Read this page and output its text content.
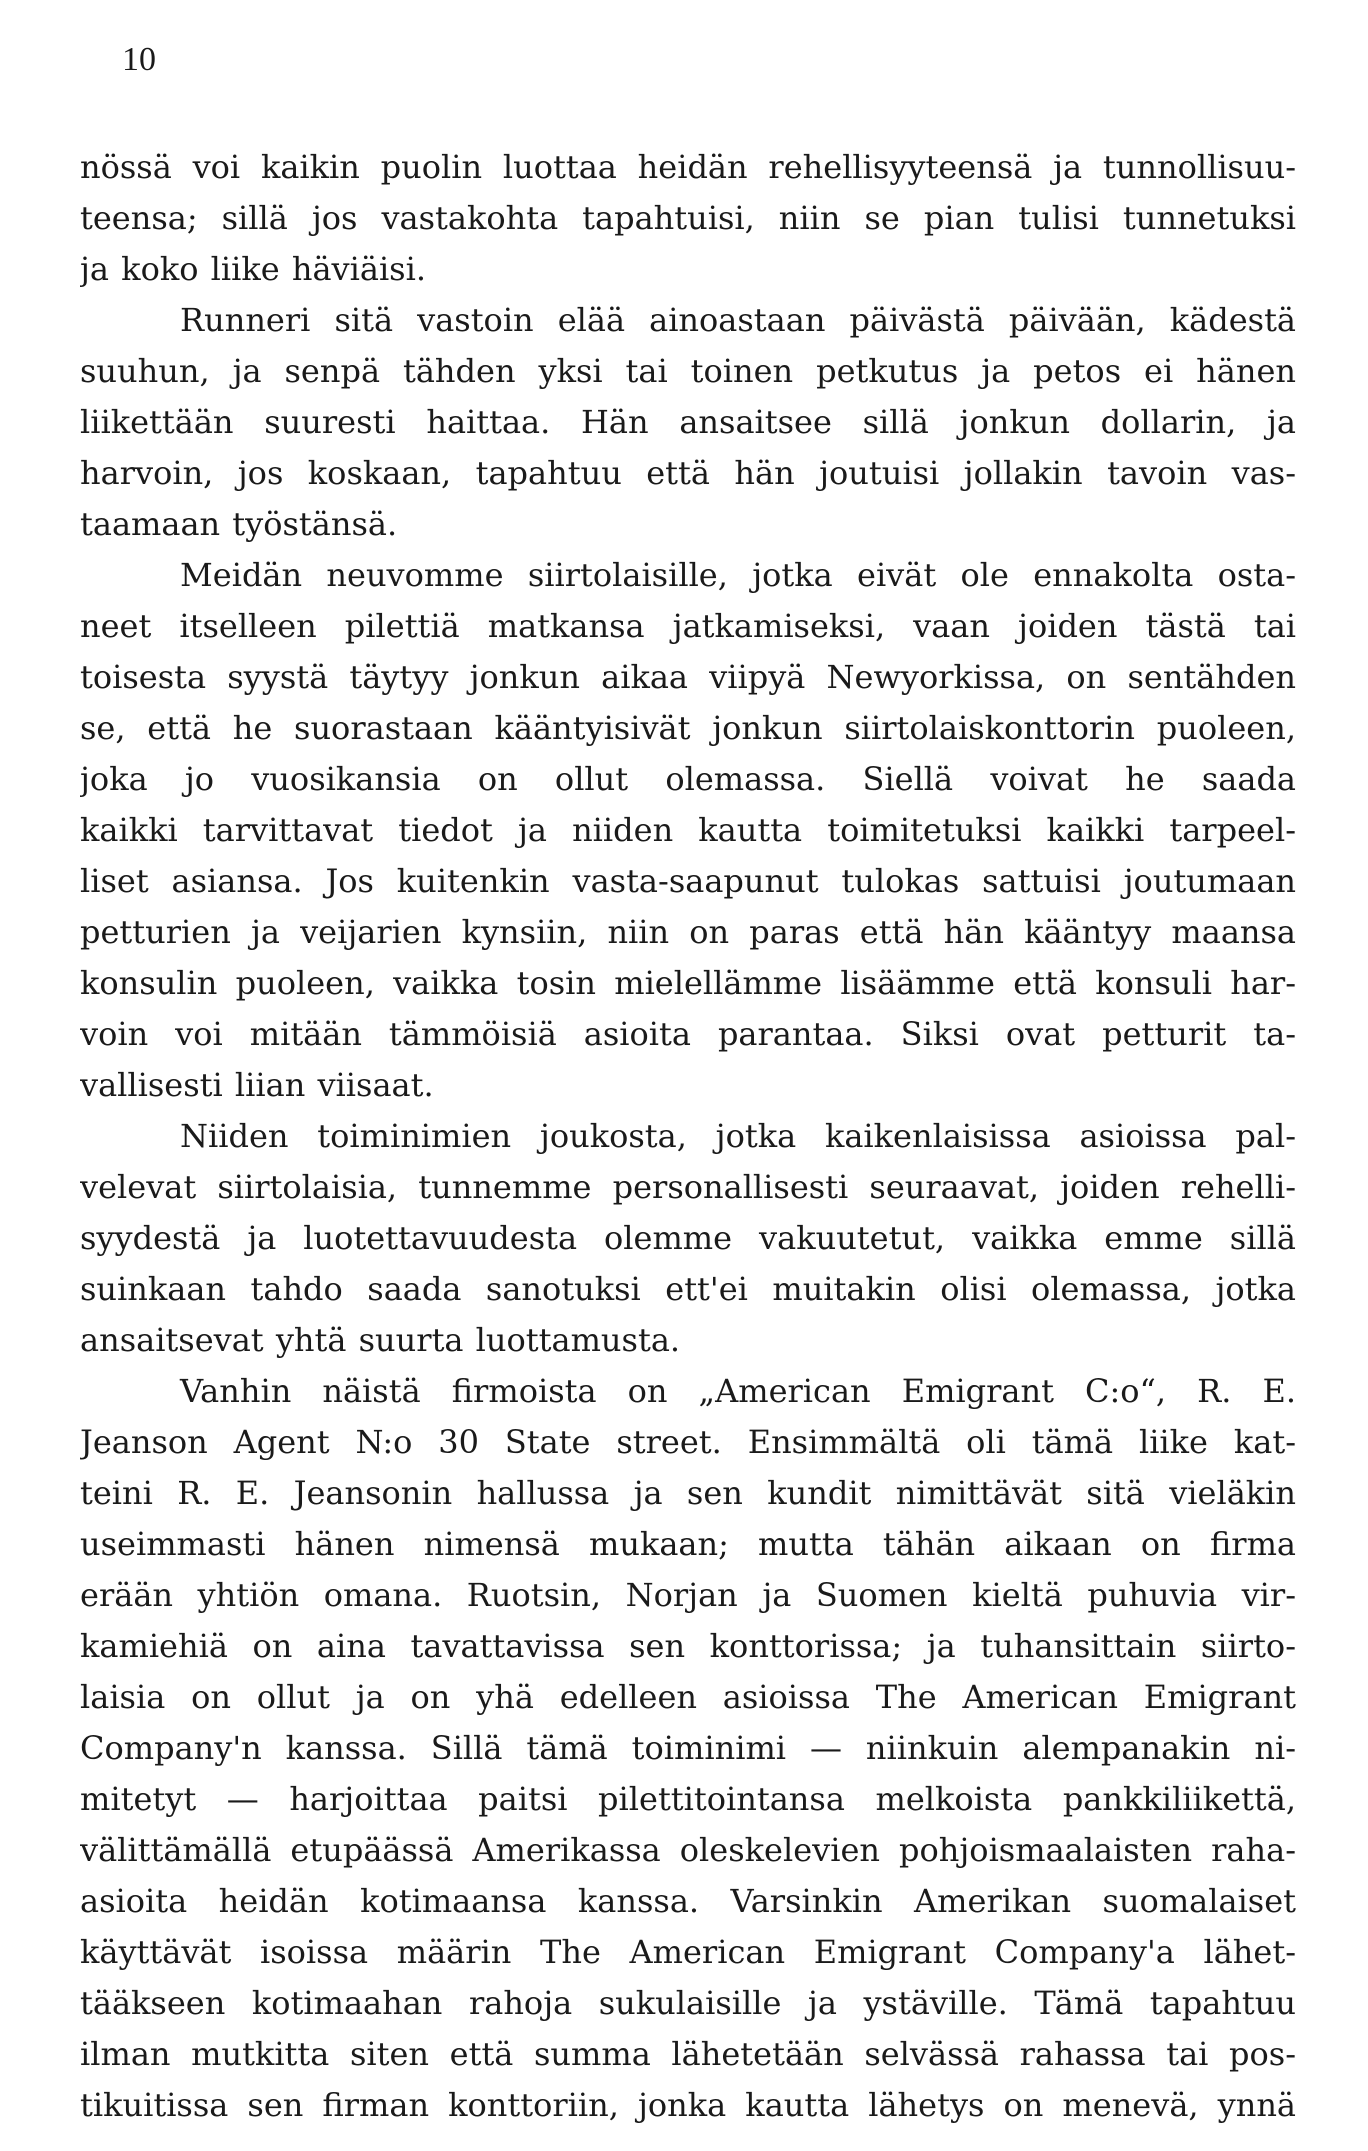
10
nössä voi kaikin puolin luottaa heidän rehellisyyteensä ja tunnollisuu-
teensa; sillä jos vastakohta tapahtuisi, niin se pian tulisi tunnetuksi
ja koko liike häviäisi.
Runneri sitä vastoin elää ainoastaan päivästä päivään, kädestä
suuhun, ja senpä tähden yksi tai toinen petkutus ja petos ei hänen
liikettään suuresti haittaa. Hän ansaitsee sillä jonkun dollarin, ja
harvoin, jos koskaan, tapahtuu että hän joutuisi jollakin tavoin vas-
taamaan työstänsä.
Meidän neuvomme siirtolaisille, jotka eivät ole ennakolta osta-
neet itselleen pilettiä matkansa jatkamiseksi, vaan joiden tästä tai
toisesta syystä täytyy jonkun aikaa viipyä Newyorkissa, on sentähden
se, että he suorastaan kääntyisivät jonkun siirtolaiskonttorin puoleen,
joka jo vuosikansia on ollut olemassa. Siellä voivat he saada
kaikki tarvittavat tiedot ja niiden kautta toimitetuksi kaikki tarpeel-
liset asiansa. Jos kuitenkin vasta-saapunut tulokas sattuisi joutumaan
petturien ja veijarien kynsiin, niin on paras että hän kääntyy maansa
konsulin puoleen, vaikka tosin mielellämme lisäämme että konsuli har-
voin voi mitään tämmöisiä asioita parantaa. Siksi ovat petturit ta-
vallisesti liian viisaat.
Niiden toiminimien joukosta, jotka kaikenlaisissa asioissa pal-
velevat siirtolaisia, tunnemme personallisesti seuraavat, joiden rehelli-
syydestä ja luotettavuudesta olemme vakuutetut, vaikka emme sillä
suinkaan tahdo saada sanotuksi ett'ei muitakin olisi olemassa, jotka
ansaitsevat yhtä suurta luottamusta.
Vanhin näistä firmoista on „American Emigrant C:o“, R. E.
Jeanson Agent N:o 30 State street. Ensimmältä oli tämä liike kat-
teini R. E. Jeansonin hallussa ja sen kundit nimittävät sitä vieläkin
useimmasti hänen nimensä mukaan; mutta tähän aikaan on firma
erään yhtiön omana. Ruotsin, Norjan ja Suomen kieltä puhuvia vir-
kamiehiä on aina tavattavissa sen konttorissa; ja tuhansittain siirto-
laisia on ollut ja on yhä edelleen asioissa The American Emigrant
Company'n kanssa. Sillä tämä toiminimi — niinkuin alempanakin ni-
mitetyt — harjoittaa paitsi pilettitointansa melkoista pankkiliikettä,
välittämällä etupäässä Amerikassa oleskelevien pohjoismaalaisten raha-
asioita heidän kotimaansa kanssa. Varsinkin Amerikan suomalaiset
käyttävät isoissa määrin The American Emigrant Company'a lähet-
tääkseen kotimaahan rahoja sukulaisille ja ystäville. Tämä tapahtuu
ilman mutkitta siten että summa lähetetään selvässä rahassa tai pos-
tikuitissa sen firman konttoriin, jonka kautta lähetys on menevä, ynnä
